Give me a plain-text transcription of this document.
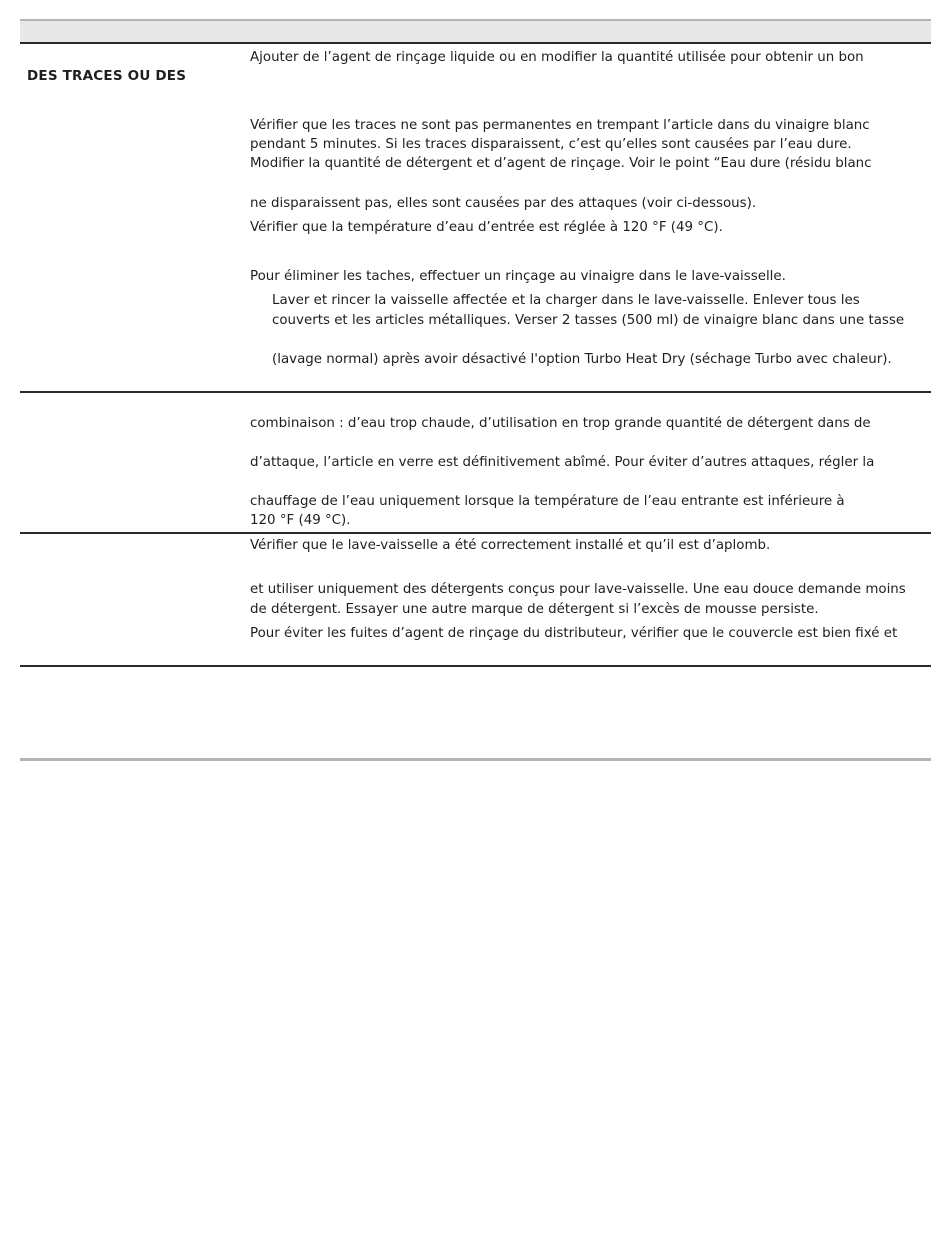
DES TRACES OU DES
Ajouter de l’agent de rinçage liquide ou en modifier la quantité utilisée pour obtenir un bon
Vérifier que les traces ne sont pas permanentes en trempant l’article dans du vinaigre blanc
pendant 5 minutes. Si les traces disparaissent, c’est qu’elles sont causées par l’eau dure.
Modifier la quantité de détergent et d’agent de rinçage. Voir le point “Eau dure (résidu blanc
ne disparaissent pas, elles sont causées par des attaques (voir ci-dessous).
Vérifier que la température d’eau d’entrée est réglée à 120 °F (49 °C).
Pour éliminer les taches, effectuer un rinçage au vinaigre dans le lave-vaisselle.
Laver et rincer la vaisselle affectée et la charger dans le lave-vaisselle. Enlever tous les
couverts et les articles métalliques. Verser 2 tasses (500 ml) de vinaigre blanc dans une tasse
(lavage normal) après avoir désactivé l'option Turbo Heat Dry (séchage Turbo avec chaleur).
combinaison : d’eau trop chaude, d’utilisation en trop grande quantité de détergent dans de
d’attaque, l’article en verre est définitivement abîmé. Pour éviter d’autres attaques, régler la
chauffage de l’eau uniquement lorsque la température de l’eau entrante est inférieure à
120 °F (49 °C).
Vérifier que le lave-vaisselle a été correctement installé et qu’il est d’aplomb.
et utiliser uniquement des détergents conçus pour lave-vaisselle. Une eau douce demande moins
de détergent. Essayer une autre marque de détergent si l’excès de mousse persiste.
Pour éviter les fuites d’agent de rinçage du distributeur, vérifier que le couvercle est bien fixé et
